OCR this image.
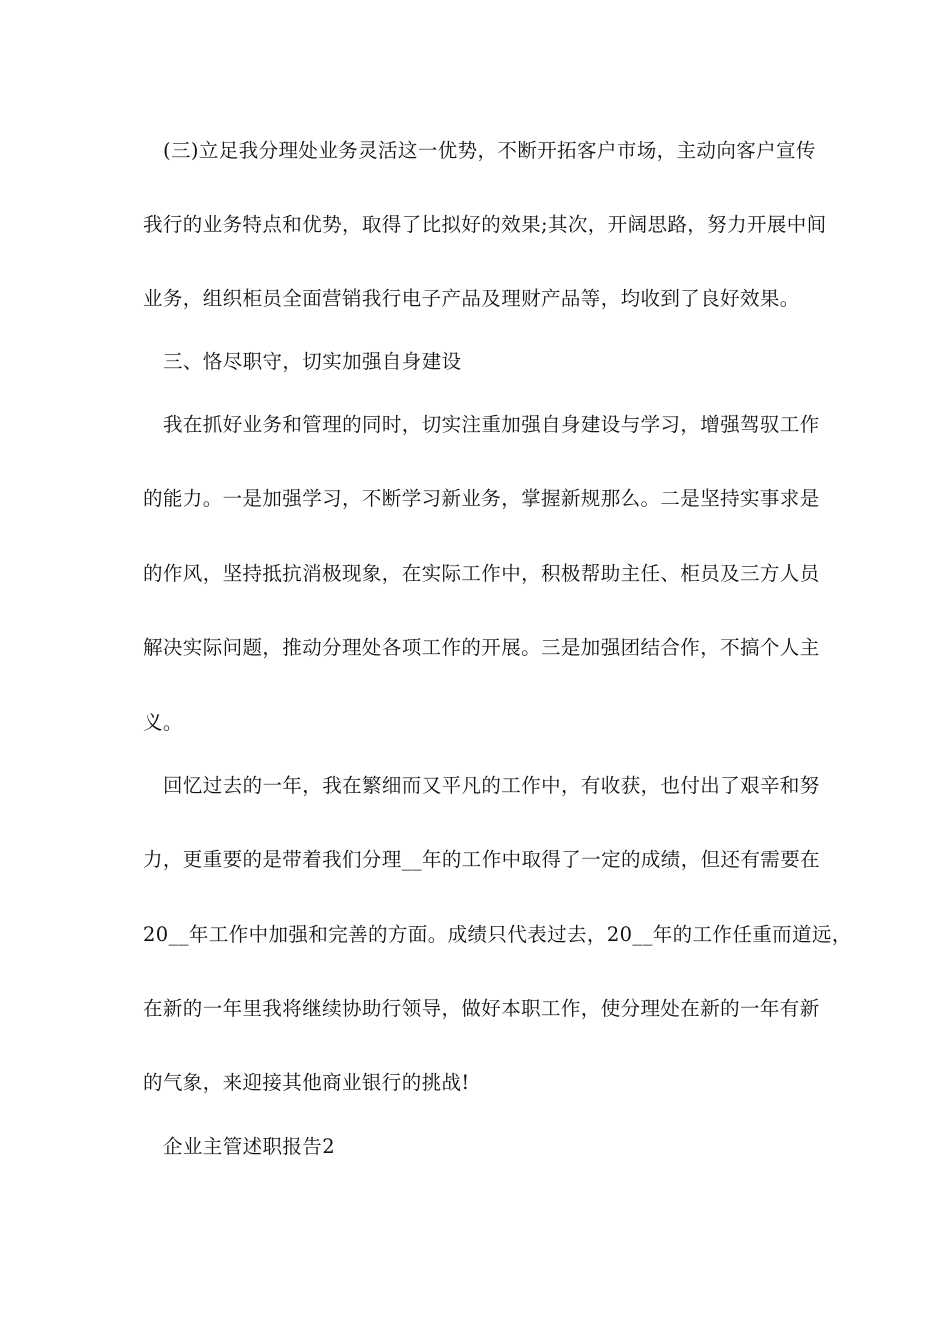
(三)立足我分理处业务灵活这一优势，不断开拓客户市场，主动向客户宣传
我行的业务特点和优势，取得了比拟好的效果;其次，开阔思路，努力开展中间
业务，组织柜员全面营销我行电子产品及理财产品等，均收到了良好效果。
三、恪尽职守，切实加强自身建设
我在抓好业务和管理的同时，切实注重加强自身建设与学习，增强驾驭工作
的能力。一是加强学习，不断学习新业务，掌握新规那么。二是坚持实事求是
的作风，坚持抵抗消极现象，在实际工作中，积极帮助主任、柜员及三方人员
解决实际问题，推动分理处各项工作的开展。三是加强团结合作，不搞个人主
义。
回忆过去的一年，我在繁细而又平凡的工作中，有收获，也付出了艰辛和努
力，更重要的是带着我们分理__年的工作中取得了一定的成绩，但还有需要在
20__年工作中加强和完善的方面。成绩只代表过去，20__年的工作任重而道远，
在新的一年里我将继续协助行领导，做好本职工作，使分理处在新的一年有新
的气象，来迎接其他商业银行的挑战!
企业主管述职报告2
